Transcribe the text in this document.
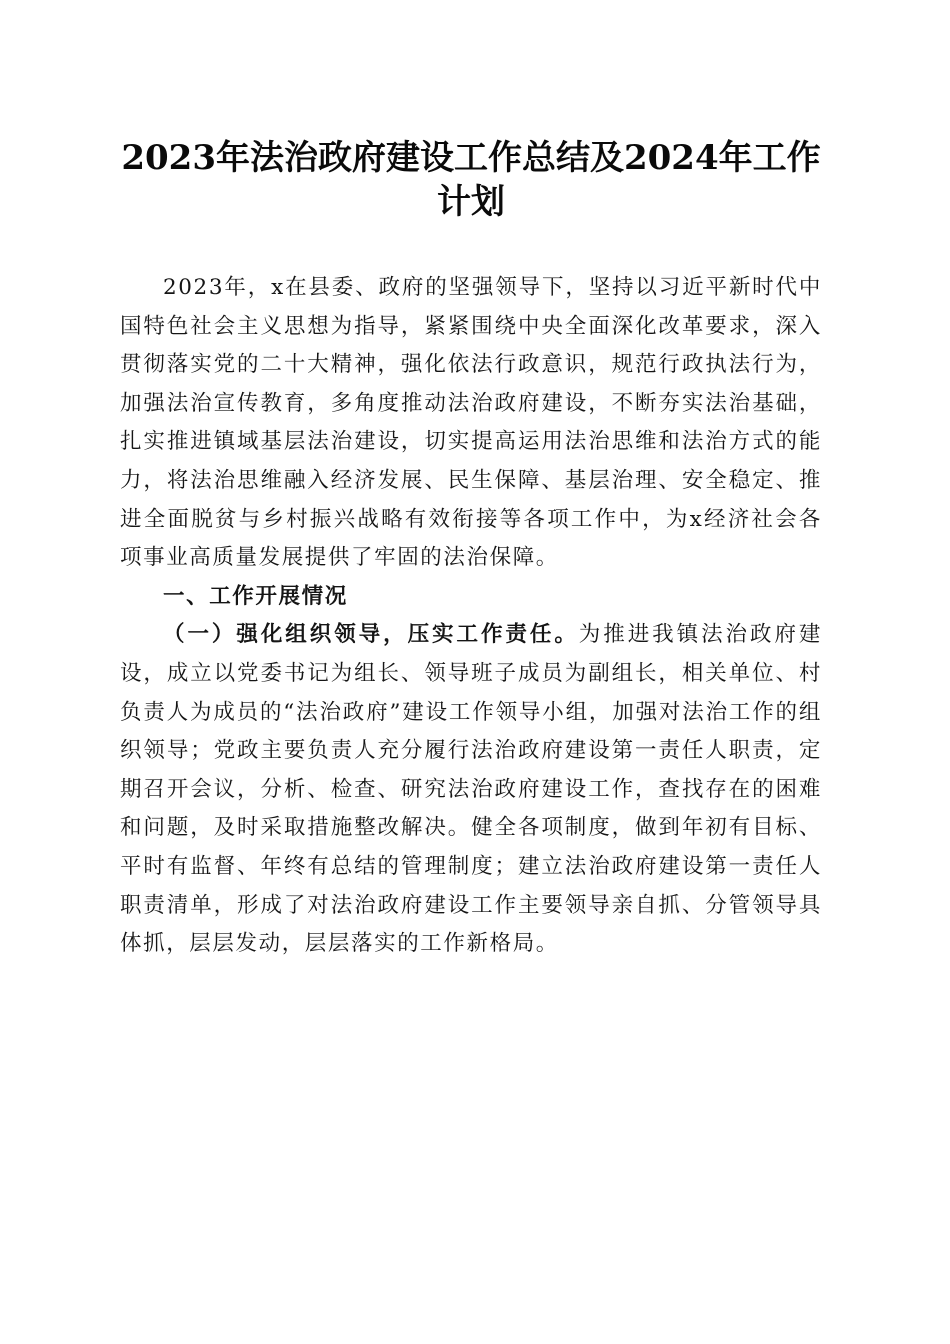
2023年法治政府建设工作总结及2024年工作
计划

2023年，x在县委、政府的坚强领导下，坚持以习近平新时代中国特色社会主义思想为指导，紧紧围绕中央全面深化改革要求，深入贯彻落实党的二十大精神，强化依法行政意识，规范行政执法行为，加强法治宣传教育，多角度推动法治政府建设，不断夯实法治基础，扎实推进镇域基层法治建设，切实提高运用法治思维和法治方式的能力，将法治思维融入经济发展、民生保障、基层治理、安全稳定、推进全面脱贫与乡村振兴战略有效衔接等各项工作中，为x经济社会各项事业高质量发展提供了牢固的法治保障。

一、工作开展情况

（一）强化组织领导，压实工作责任。为推进我镇法治政府建设，成立以党委书记为组长、领导班子成员为副组长，相关单位、村负责人为成员的“法治政府”建设工作领导小组，加强对法治工作的组织领导；党政主要负责人充分履行法治政府建设第一责任人职责，定期召开会议，分析、检查、研究法治政府建设工作，查找存在的困难和问题，及时采取措施整改解决。健全各项制度，做到年初有目标、平时有监督、年终有总结的管理制度；建立法治政府建设第一责任人职责清单，形成了对法治政府建设工作主要领导亲自抓、分管领导具体抓，层层发动，层层落实的工作新格局。
